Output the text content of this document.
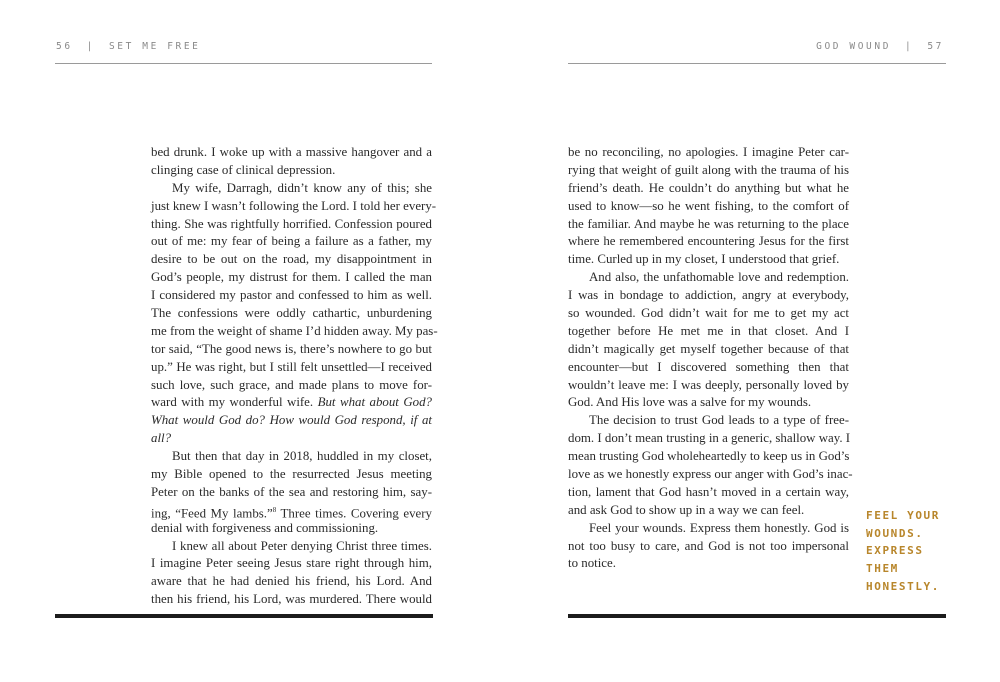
56 | SET ME FREE
bed drunk. I woke up with a massive hangover and a
clinging case of clinical depression.
My wife, Darragh, didn’t know any of this; she
just knew I wasn’t following the Lord. I told her every-
thing. She was rightfully horrified. Confession poured
out of me: my fear of being a failure as a father, my
desire to be out on the road, my disappointment in
God’s people, my distrust for them. I called the man
I considered my pastor and confessed to him as well.
The confessions were oddly cathartic, unburdening
me from the weight of shame I’d hidden away. My pas-
tor said, “The good news is, there’s nowhere to go but
up.” He was right, but I still felt unsettled—I received
such love, such grace, and made plans to move for-
ward with my wonderful wife. But what about God?
What would God do? How would God respond, if at
all?
But then that day in 2018, huddled in my closet,
my Bible opened to the resurrected Jesus meeting
Peter on the banks of the sea and restoring him, say-
ing, “Feed My lambs.”$^8$ Three times. Covering every
denial with forgiveness and commissioning.
I knew all about Peter denying Christ three times.
I imagine Peter seeing Jesus stare right through him,
aware that he had denied his friend, his Lord. And
then his friend, his Lord, was murdered. There would
GOD WOUND | 57
be no reconciling, no apologies. I imagine Peter car-
rying that weight of guilt along with the trauma of his
friend’s death. He couldn’t do anything but what he
used to know—so he went fishing, to the comfort of
the familiar. And maybe he was returning to the place
where he remembered encountering Jesus for the first
time. Curled up in my closet, I understood that grief.
And also, the unfathomable love and redemption.
I was in bondage to addiction, angry at everybody,
so wounded. God didn’t wait for me to get my act
together before He met me in that closet. And I
didn’t magically get myself together because of that
encounter—but I discovered something then that
wouldn’t leave me: I was deeply, personally loved by
God. And His love was a salve for my wounds.
The decision to trust God leads to a type of free-
dom. I don’t mean trusting in a generic, shallow way. I
mean trusting God wholeheartedly to keep us in God’s
love as we honestly express our anger with God’s inac-
tion, lament that God hasn’t moved in a certain way,
and ask God to show up in a way we can feel.
Feel your wounds. Express them honestly. God is
not too busy to care, and God is not too impersonal
to notice.
FEEL YOUR
WOUNDS.
EXPRESS
THEM
HONESTLY.
